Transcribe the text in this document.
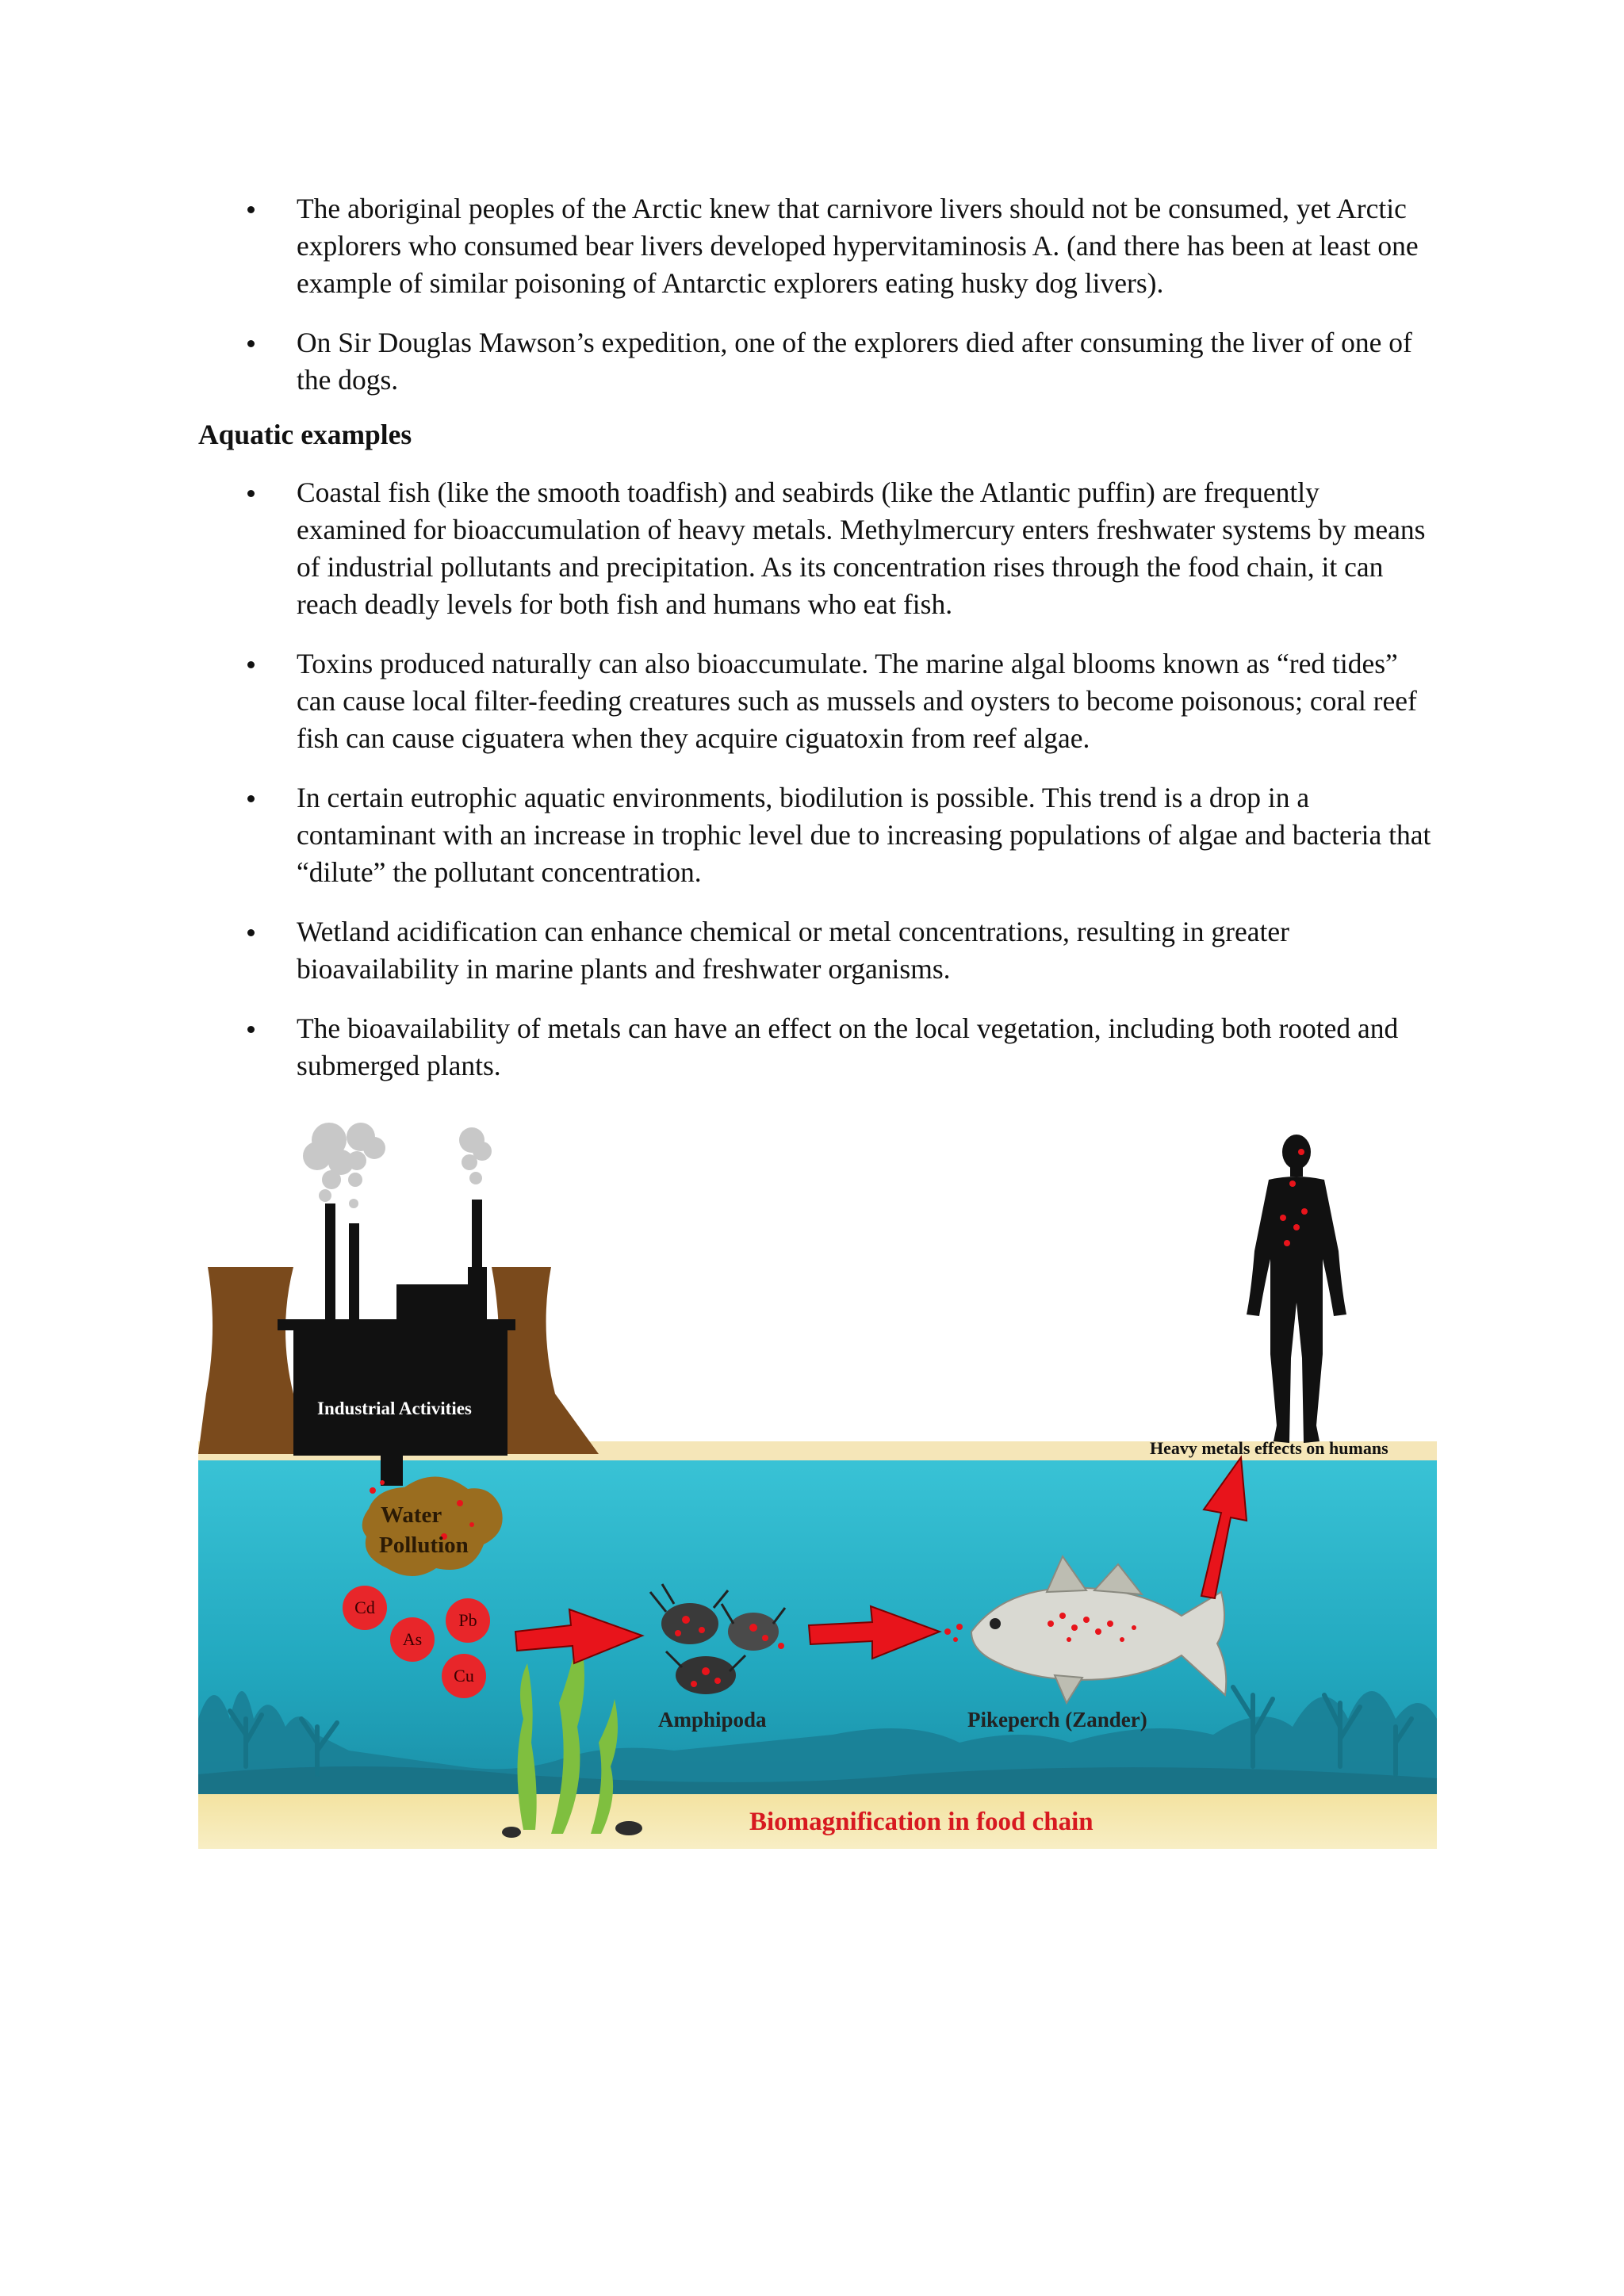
The aboriginal peoples of the Arctic knew that carnivore livers should not be consumed, yet Arctic explorers who consumed bear livers developed hypervitaminosis A. (and there has been at least one example of similar poisoning of Antarctic explorers eating husky dog livers).
On Sir Douglas Mawson’s expedition, one of the explorers died after consuming the liver of one of the dogs.
Aquatic examples
Coastal fish (like the smooth toadfish) and seabirds (like the Atlantic puffin) are frequently examined for bioaccumulation of heavy metals. Methylmercury enters freshwater systems by means of industrial pollutants and precipitation. As its concentration rises through the food chain, it can reach deadly levels for both fish and humans who eat fish.
Toxins produced naturally can also bioaccumulate. The marine algal blooms known as “red tides” can cause local filter-feeding creatures such as mussels and oysters to become poisonous; coral reef fish can cause ciguatera when they acquire ciguatoxin from reef algae.
In certain eutrophic aquatic environments, biodilution is possible. This trend is a drop in a contaminant with an increase in trophic level due to increasing populations of algae and bacteria that “dilute” the pollutant concentration.
Wetland acidification can enhance chemical or metal concentrations, resulting in greater bioavailability in marine plants and freshwater organisms.
The bioavailability of metals can have an effect on the local vegetation, including both rooted and submerged plants.
Industrial Activities
Water
Pollution
Cd
As
Pb
Cu
Amphipoda	Pikeperch (Zander)
Heavy metals effects on humans
Biomagnification in food chain
